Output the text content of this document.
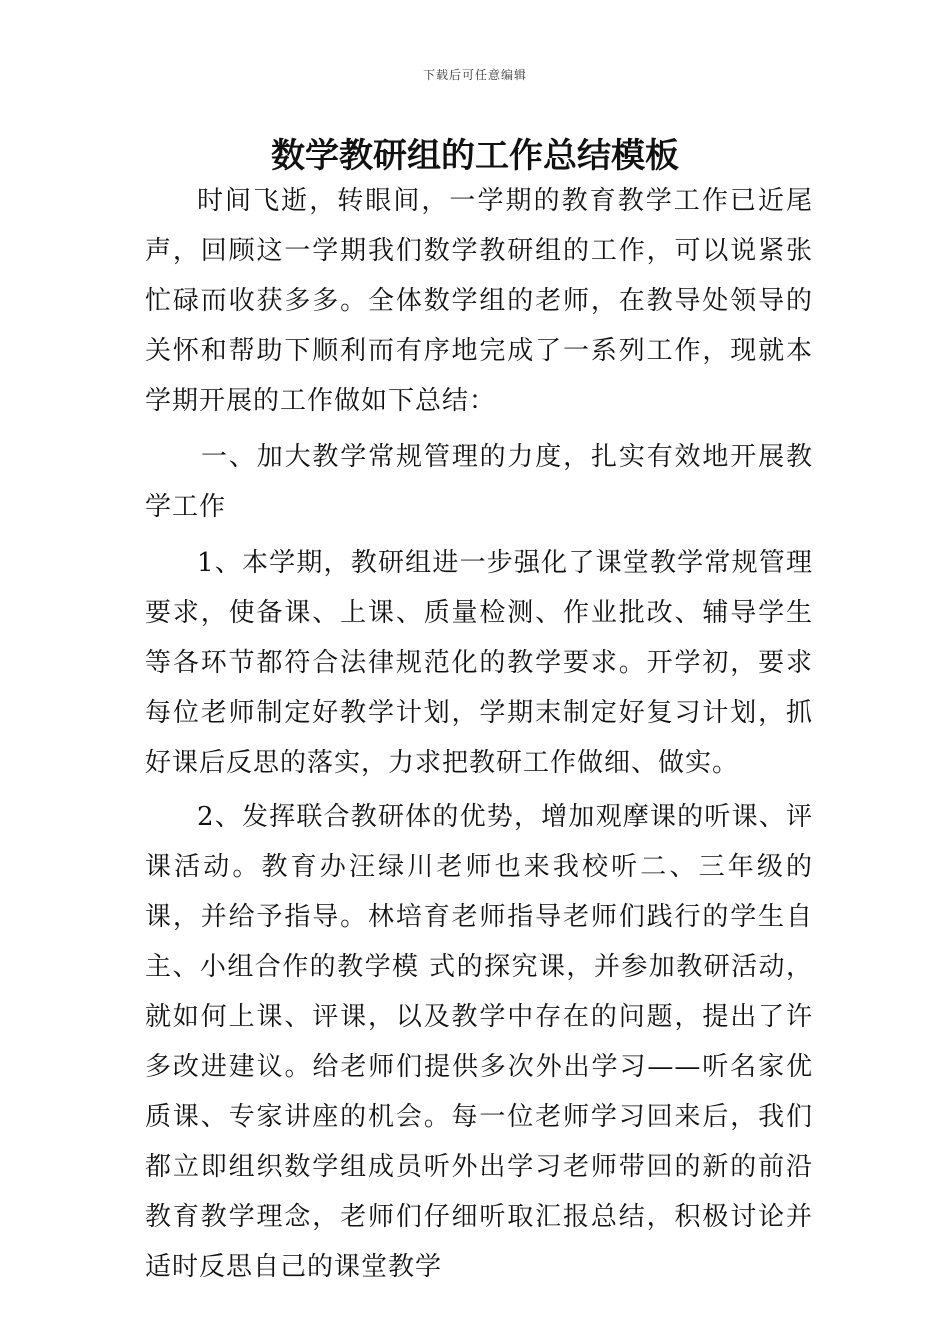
下载后可任意编辑
数学教研组的工作总结模板

时间飞逝，转眼间，一学期的教育教学工作已近尾声，回顾这一学期我们数学教研组的工作，可以说紧张忙碌而收获多多。全体数学组的老师，在教导处领导的关怀和帮助下顺利而有序地完成了一系列工作，现就本学期开展的工作做如下总结：

一、加大教学常规管理的力度，扎实有效地开展教学工作

1、本学期，教研组进一步强化了课堂教学常规管理要求，使备课、上课、质量检测、作业批改、辅导学生等各环节都符合法律规范化的教学要求。开学初，要求每位老师制定好教学计划，学期末制定好复习计划，抓好课后反思的落实，力求把教研工作做细、做实。

2、发挥联合教研体的优势，增加观摩课的听课、评课活动。教育办汪绿川老师也来我校听二、三年级的课，并给予指导。林培育老师指导老师们践行的学生自主、小组合作的教学模 式的探究课，并参加教研活动，就如何上课、评课，以及教学中存在的问题，提出了许多改进建议。给老师们提供多次外出学习——听名家优质课、专家讲座的机会。每一位老师学习回来后，我们都立即组织数学组成员听外出学习老师带回的新的前沿教育教学理念，老师们仔细听取汇报总结，积极讨论并适时反思自己的课堂教学
